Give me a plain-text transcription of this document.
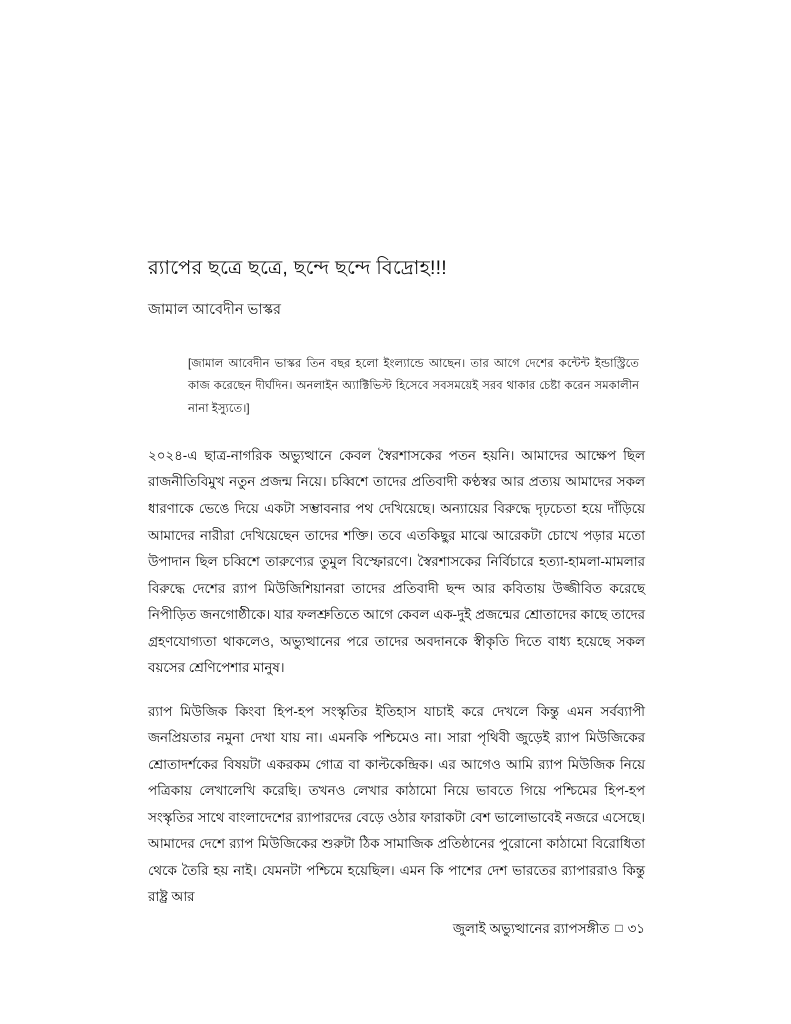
র‍্যাপের ছত্রে ছত্রে, ছন্দে ছন্দে বিদ্রোহ!!!
জামাল আবেদীন ভাস্কর
[জামাল আবেদীন ভাস্কর তিন বছর হলো ইংল্যান্ডে আছেন। তার আগে দেশের কন্টেন্ট ইন্ডাস্ট্রিতে কাজ করেছেন দীর্ঘদিন। অনলাইন অ্যাক্টিভিস্ট হিসেবে সবসময়েই সরব থাকার চেষ্টা করেন সমকালীন নানা ইস্যুতে।]

২০২৪-এ ছাত্র-নাগরিক অভ্যুত্থানে কেবল স্বৈরশাসকের পতন হয়নি। আমাদের আক্ষেপ ছিল রাজনীতিবিমুখ নতুন প্রজন্ম নিয়ে। চব্বিশে তাদের প্রতিবাদী কণ্ঠস্বর আর প্রত্যয় আমাদের সকল ধারণাকে ভেঙে দিয়ে একটা সম্ভাবনার পথ দেখিয়েছে। অন্যায়ের বিরুদ্ধে দৃঢ়চেতা হয়ে দাঁড়িয়ে আমাদের নারীরা দেখিয়েছেন তাদের শক্তি। তবে এতকিছুর মাঝে আরেকটা চোখে পড়ার মতো উপাদান ছিল চব্বিশে তারুণ্যের তুমুল বিস্ফোরণে। স্বৈরশাসকের নির্বিচারে হত্যা-হামলা-মামলার বিরুদ্ধে দেশের র‍্যাপ মিউজিশিয়ানরা তাদের প্রতিবাদী ছন্দ আর কবিতায় উজ্জীবিত করেছে নিপীড়িত জনগোষ্ঠীকে। যার ফলশ্রুতিতে আগে কেবল এক-দুই প্রজন্মের শ্রোতাদের কাছে তাদের গ্রহণযোগ্যতা থাকলেও, অভ্যুত্থানের পরে তাদের অবদানকে স্বীকৃতি দিতে বাধ্য হয়েছে সকল বয়সের শ্রেণিপেশার মানুষ।

র‍্যাপ মিউজিক কিংবা হিপ-হপ সংস্কৃতির ইতিহাস যাচাই করে দেখলে কিন্তু এমন সর্বব্যাপী জনপ্রিয়তার নমুনা দেখা যায় না। এমনকি পশ্চিমেও না। সারা পৃথিবী জুড়েই র‍্যাপ মিউজিকের শ্রোতাদর্শকের বিষয়টা একরকম গোত্র বা কাল্টকেন্দ্রিক। এর আগেও আমি র‍্যাপ মিউজিক নিয়ে পত্রিকায় লেখালেখি করেছি। তখনও লেখার কাঠামো নিয়ে ভাবতে গিয়ে পশ্চিমের হিপ-হপ সংস্কৃতির সাথে বাংলাদেশের র‍্যাপারদের বেড়ে ওঠার ফারাকটা বেশ ভালোভাবেই নজরে এসেছে। আমাদের দেশে র‍্যাপ মিউজিকের শুরুটা ঠিক সামাজিক প্রতিষ্ঠানের পুরোনো কাঠামো বিরোধিতা থেকে তৈরি হয় নাই। যেমনটা পশ্চিমে হয়েছিল। এমন কি পাশের দেশ ভারতের র‍্যাপাররাও কিন্তু রাষ্ট্র আর

জুলাই অভ্যুত্থানের র‍্যাপসঙ্গীত □ ৩১
